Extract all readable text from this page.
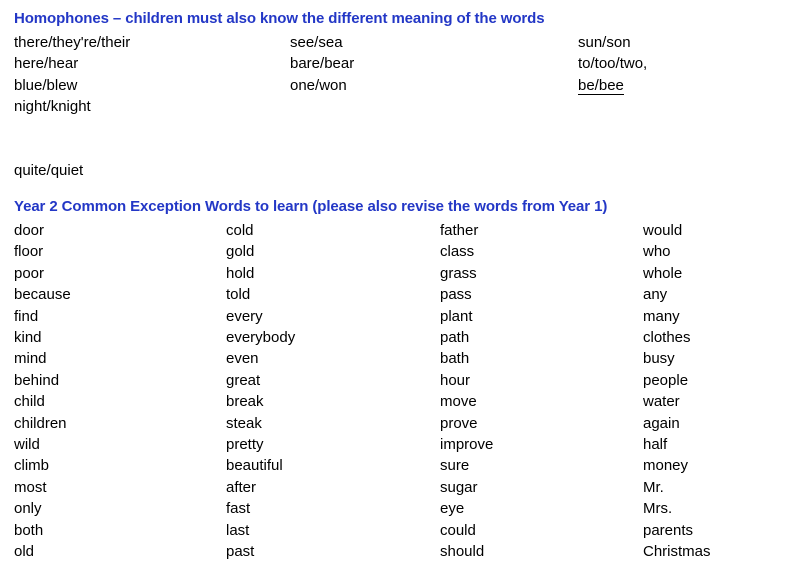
Homophones – children must also know the different meaning of the words
there/they're/their
here/hear
blue/blew
night/knight
quite/quiet
see/sea
bare/bear
one/won
sun/son
to/too/two,
be/bee
Year 2 Common Exception Words to learn (please also revise the words from Year 1)
door
floor
poor
because
find
kind
mind
behind
child
children
wild
climb
most
only
both
old
cold
gold
hold
told
every
everybody
even
great
break
steak
pretty
beautiful
after
fast
last
past
father
class
grass
pass
plant
path
bath
hour
move
prove
improve
sure
sugar
eye
could
should
would
who
whole
any
many
clothes
busy
people
water
again
half
money
Mr.
Mrs.
parents
Christmas
